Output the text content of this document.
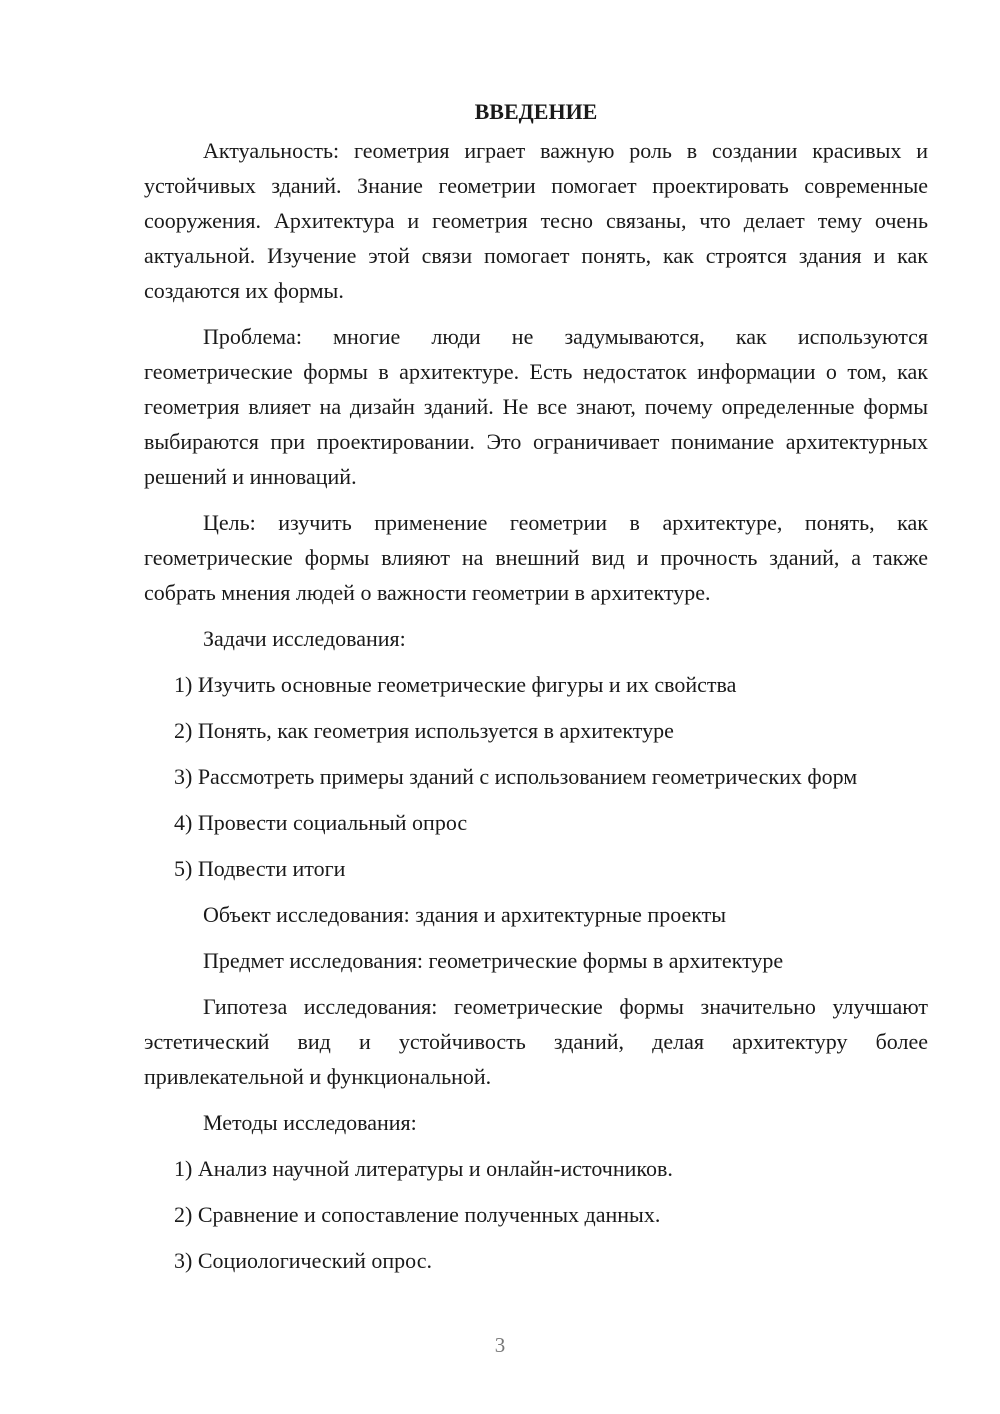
ВВЕДЕНИЕ

Актуальность: геометрия играет важную роль в создании красивых и устойчивых зданий. Знание геометрии помогает проектировать современные сооружения. Архитектура и геометрия тесно связаны, что делает тему очень актуальной. Изучение этой связи помогает понять, как строятся здания и как создаются их формы.

Проблема: многие люди не задумываются, как используются геометрические формы в архитектуре. Есть недостаток информации о том, как геометрия влияет на дизайн зданий. Не все знают, почему определенные формы выбираются при проектировании. Это ограничивает понимание архитектурных решений и инноваций.

Цель: изучить применение геометрии в архитектуре, понять, как геометрические формы влияют на внешний вид и прочность зданий, а также собрать мнения людей о важности геометрии в архитектуре.

Задачи исследования:

1) Изучить основные геометрические фигуры и их свойства

2) Понять, как геометрия используется в архитектуре

3) Рассмотреть примеры зданий с использованием геометрических форм

4) Провести социальный опрос

5) Подвести итоги

Объект исследования: здания и архитектурные проекты

Предмет исследования: геометрические формы в архитектуре

Гипотеза исследования: геометрические формы значительно улучшают эстетический вид и устойчивость зданий, делая архитектуру более привлекательной и функциональной.

Методы исследования:

1) Анализ научной литературы и онлайн-источников.

2) Сравнение и сопоставление полученных данных.

3) Социологический опрос.

3
